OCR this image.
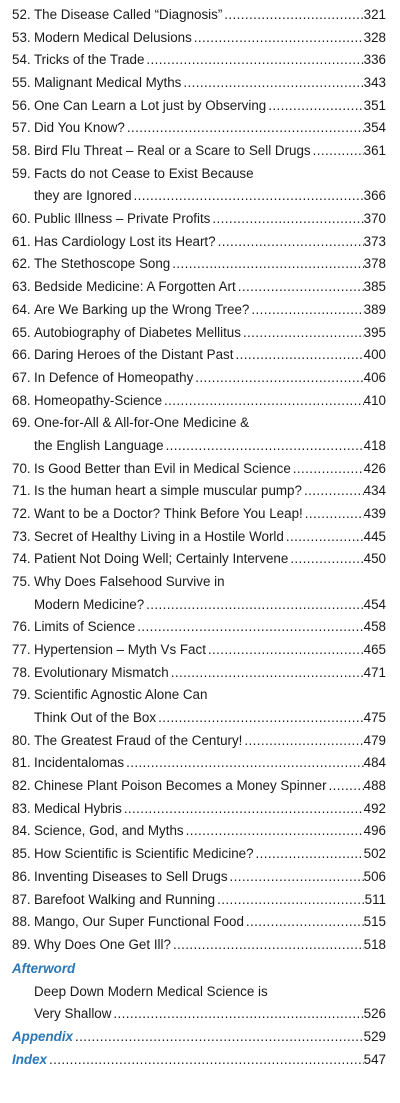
52. The Disease Called “Diagnosis” .....	321
53. Modern Medical Delusions .....	328
54. Tricks of the Trade .....	336
55. Malignant Medical Myths .....	343
56. One Can Learn a Lot just by Observing .....	351
57. Did You Know? .....	354
58. Bird Flu Threat – Real or a Scare to Sell Drugs .....	361
59. Facts do not Cease to Exist Because
they are Ignored .....	366
60. Public Illness – Private Profits .....	370
61. Has Cardiology Lost its Heart? .....	373
62. The Stethoscope Song .....	378
63. Bedside Medicine: A Forgotten Art .....	385
64. Are We Barking up the Wrong Tree? .....	389
65. Autobiography of Diabetes Mellitus .....	395
66. Daring Heroes of the Distant Past .....	400
67. In Defence of Homeopathy .....	406
68. Homeopathy-Science .....	410
69. One-for-All & All-for-One Medicine &
the English Language .....	418
70. Is Good Better than Evil in Medical Science .....	426
71. Is the human heart a simple muscular pump? .....	434
72. Want to be a Doctor? Think Before You Leap! .....	439
73. Secret of Healthy Living in a Hostile World .....	445
74. Patient Not Doing Well; Certainly Intervene .....	450
75. Why Does Falsehood Survive in
Modern Medicine? .....	454
76. Limits of Science .....	458
77. Hypertension – Myth Vs Fact .....	465
78. Evolutionary Mismatch .....	471
79. Scientific Agnostic Alone Can
Think Out of the Box .....	475
80. The Greatest Fraud of the Century! .....	479
81. Incidentalomas .....	484
82. Chinese Plant Poison Becomes a Money Spinner .....	488
83. Medical Hybris .....	492
84. Science, God, and Myths .....	496
85. How Scientific is Scientific Medicine? .....	502
86. Inventing Diseases to Sell Drugs .....	506
87. Barefoot Walking and Running .....	511
88. Mango, Our Super Functional Food .....	515
89. Why Does One Get Ill? .....	518
Afterword
Deep Down Modern Medical Science is
Very Shallow .....	526
Appendix .....	529
Index .....	547
